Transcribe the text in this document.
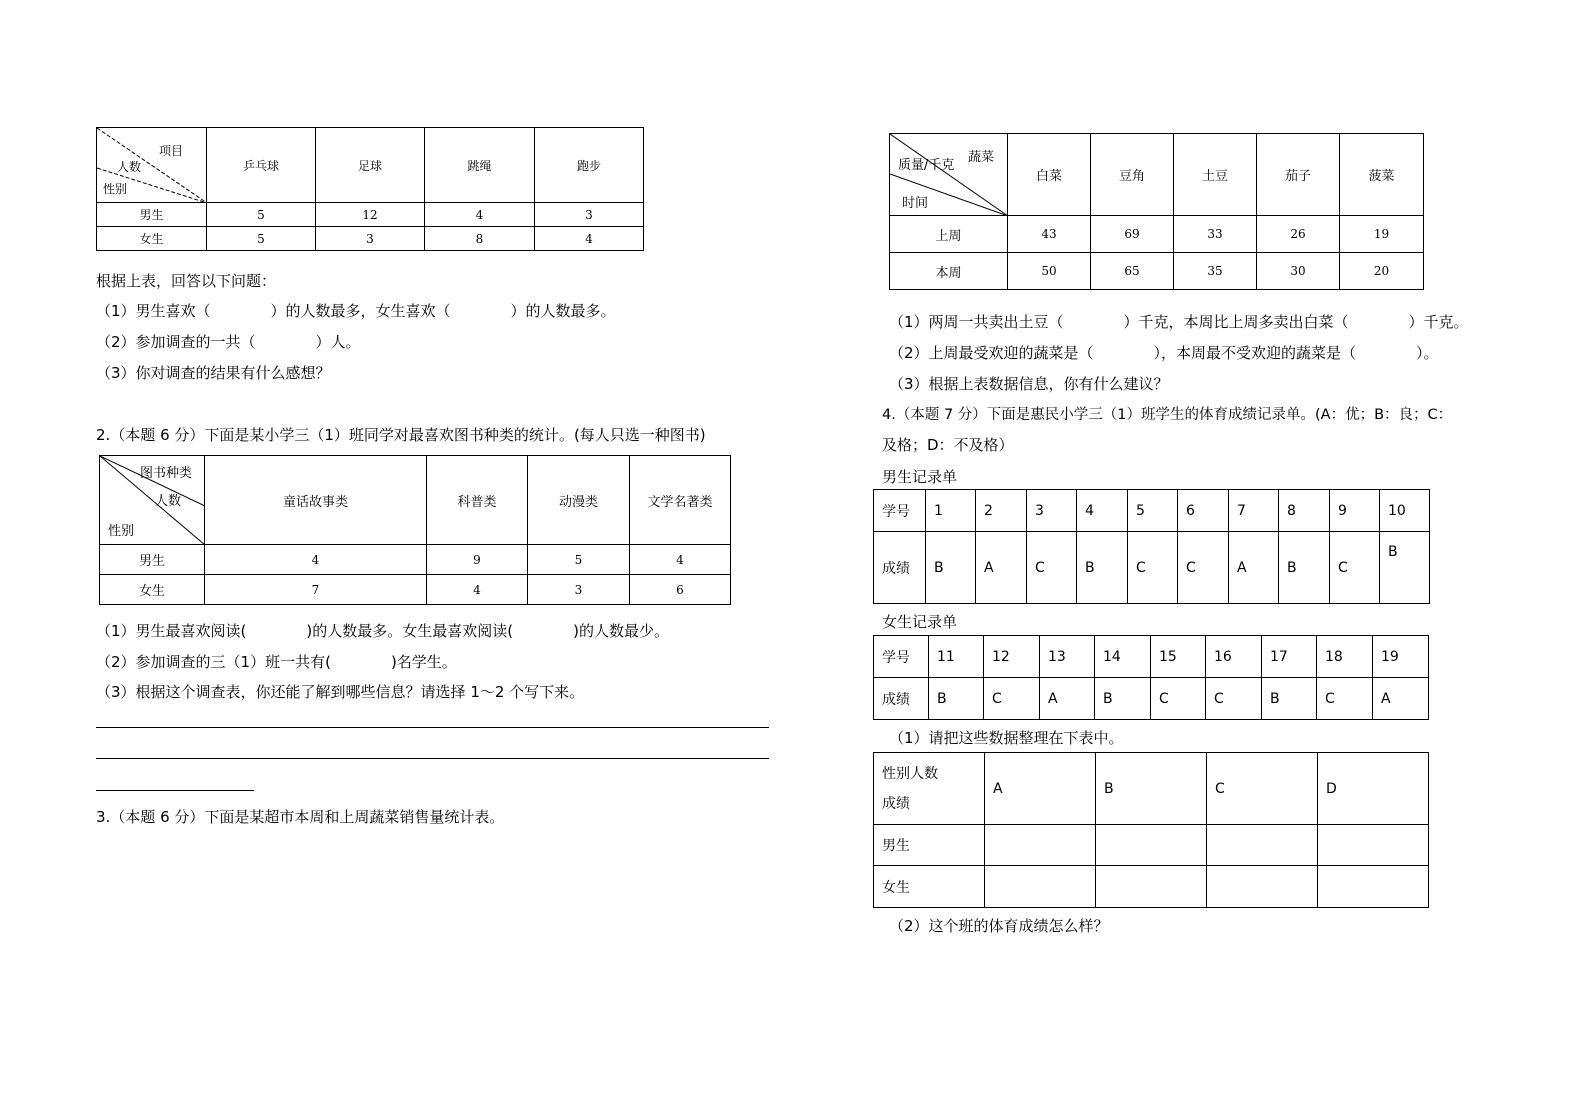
项目
人数
性别	乒乓球	足球	跳绳	跑步
男生	5	12	4	3
女生	5	3	8	4
根据上表，回答以下问题：
（1）男生喜欢（　　　　）的人数最多，女生喜欢（　　　　）的人数最多。
（2）参加调查的一共（　　　　）人。
（3）你对调查的结果有什么感想？
2.（本题 6 分）下面是某小学三（1）班同学对最喜欢图书种类的统计。(每人只选一种图书)
图书种类
人数
性别	童话故事类	科普类	动漫类	文学名著类
男生	4	9	5	4
女生	7	4	3	6
（1）男生最喜欢阅读(　　　　)的人数最多。女生最喜欢阅读(　　　　)的人数最少。
（2）参加调查的三（1）班一共有(　　　　)名学生。
（3）根据这个调查表，你还能了解到哪些信息？请选择 1～2 个写下来。
3.（本题 6 分）下面是某超市本周和上周蔬菜销售量统计表。
蔬菜
质量/千克
时间	白菜	豆角	土豆	茄子	菠菜
上周	43	69	33	26	19
本周	50	65	35	30	20
（1）两周一共卖出土豆（　　　　）千克，本周比上周多卖出白菜（　　　　）千克。
（2）上周最受欢迎的蔬菜是（　　　　），本周最不受欢迎的蔬菜是（　　　　）。
（3）根据上表数据信息，你有什么建议？
4.（本题 7 分）下面是惠民小学三（1）班学生的体育成绩记录单。(A：优；B：良；C：
及格；D：不及格）
男生记录单
学号	1	2	3	4	5	6	7	8	9	10
成绩	B	A	C	B	C	C	A	B	C	B
女生记录单
学号	11	12	13	14	15	16	17	18	19
成绩	B	C	A	B	C	C	B	C	A
（1）请把这些数据整理在下表中。
性别人数
成绩	A	B	C	D
男生				
女生				
（2）这个班的体育成绩怎么样？
